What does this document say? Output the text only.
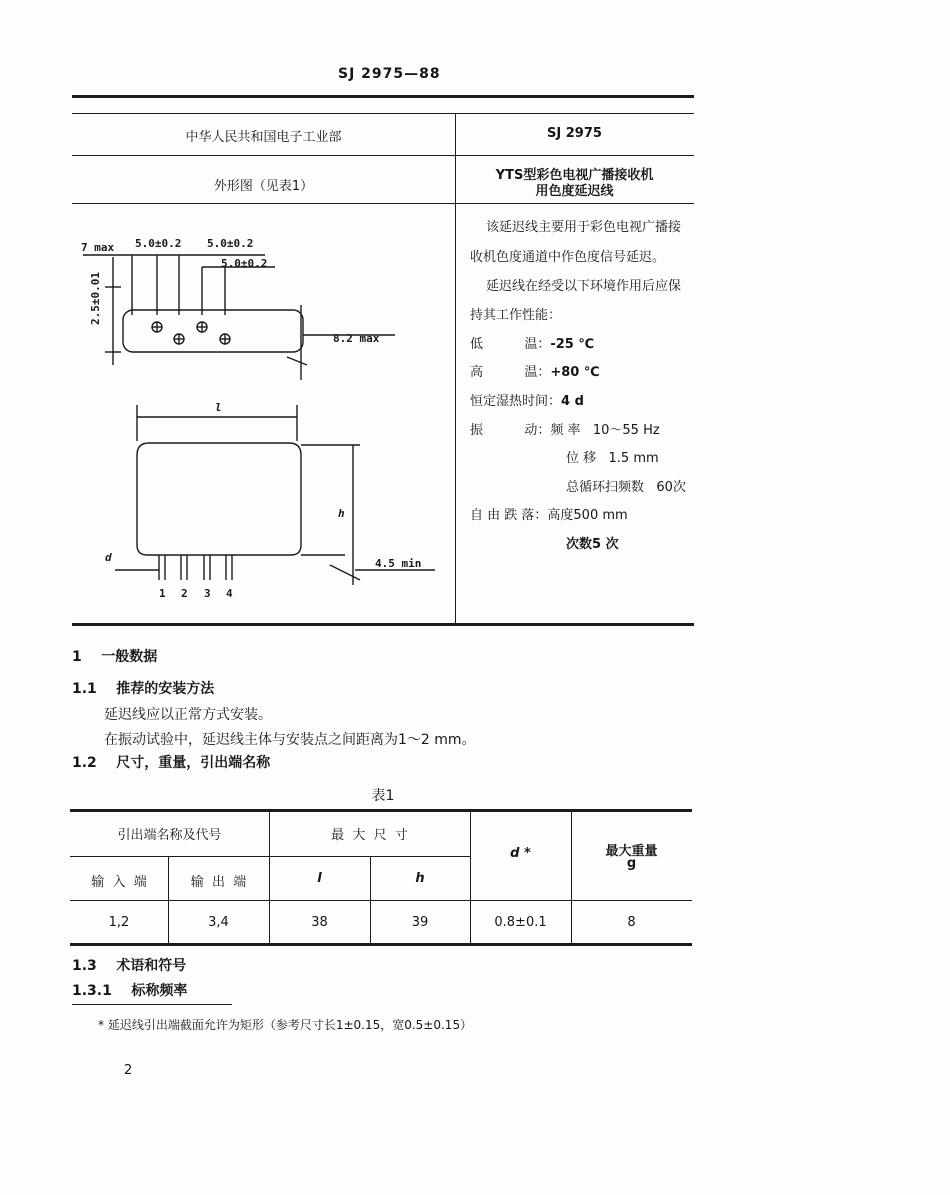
SJ 2975—88
中华人民共和国电子工业部	SJ 2975
外形图（见表1）
YTS型彩色电视广播接收机
用色度延迟线
7 max 5.0±0.2 5.0±0.2
5.0±0.2
2.5±0.01
8.2 max
l
h
d	4.5 min
1 2 3 4
该延迟线主要用于彩色电视广播接
收机色度通道中作色度信号延迟。
延迟线在经受以下环境作用后应保
持其工作性能：
低          温：-25 ℃
高          温：+80 ℃
恒定湿热时间：4 d
振          动：频 率   10～55 Hz
位 移   1.5 mm
总循环扫频数   60次
自 由 跌 落：高度500 mm
次数5 次
1    一般数据
1.1    推荐的安装方法
延迟线应以正常方式安装。
在振动试验中，延迟线主体与安装点之间距离为1～2 mm。
1.2    尺寸，重量，引出端名称
表1
引出端名称及代号	最  大  尺  寸
d *	最大重量
g
输  入  端	输  出  端	l	h
1,2	3,4	38	39	0.8±0.1	8
1.3    术语和符号
1.3.1    标称频率
* 延迟线引出端截面允许为矩形（参考尺寸长1±0.15，宽0.5±0.15）
2
